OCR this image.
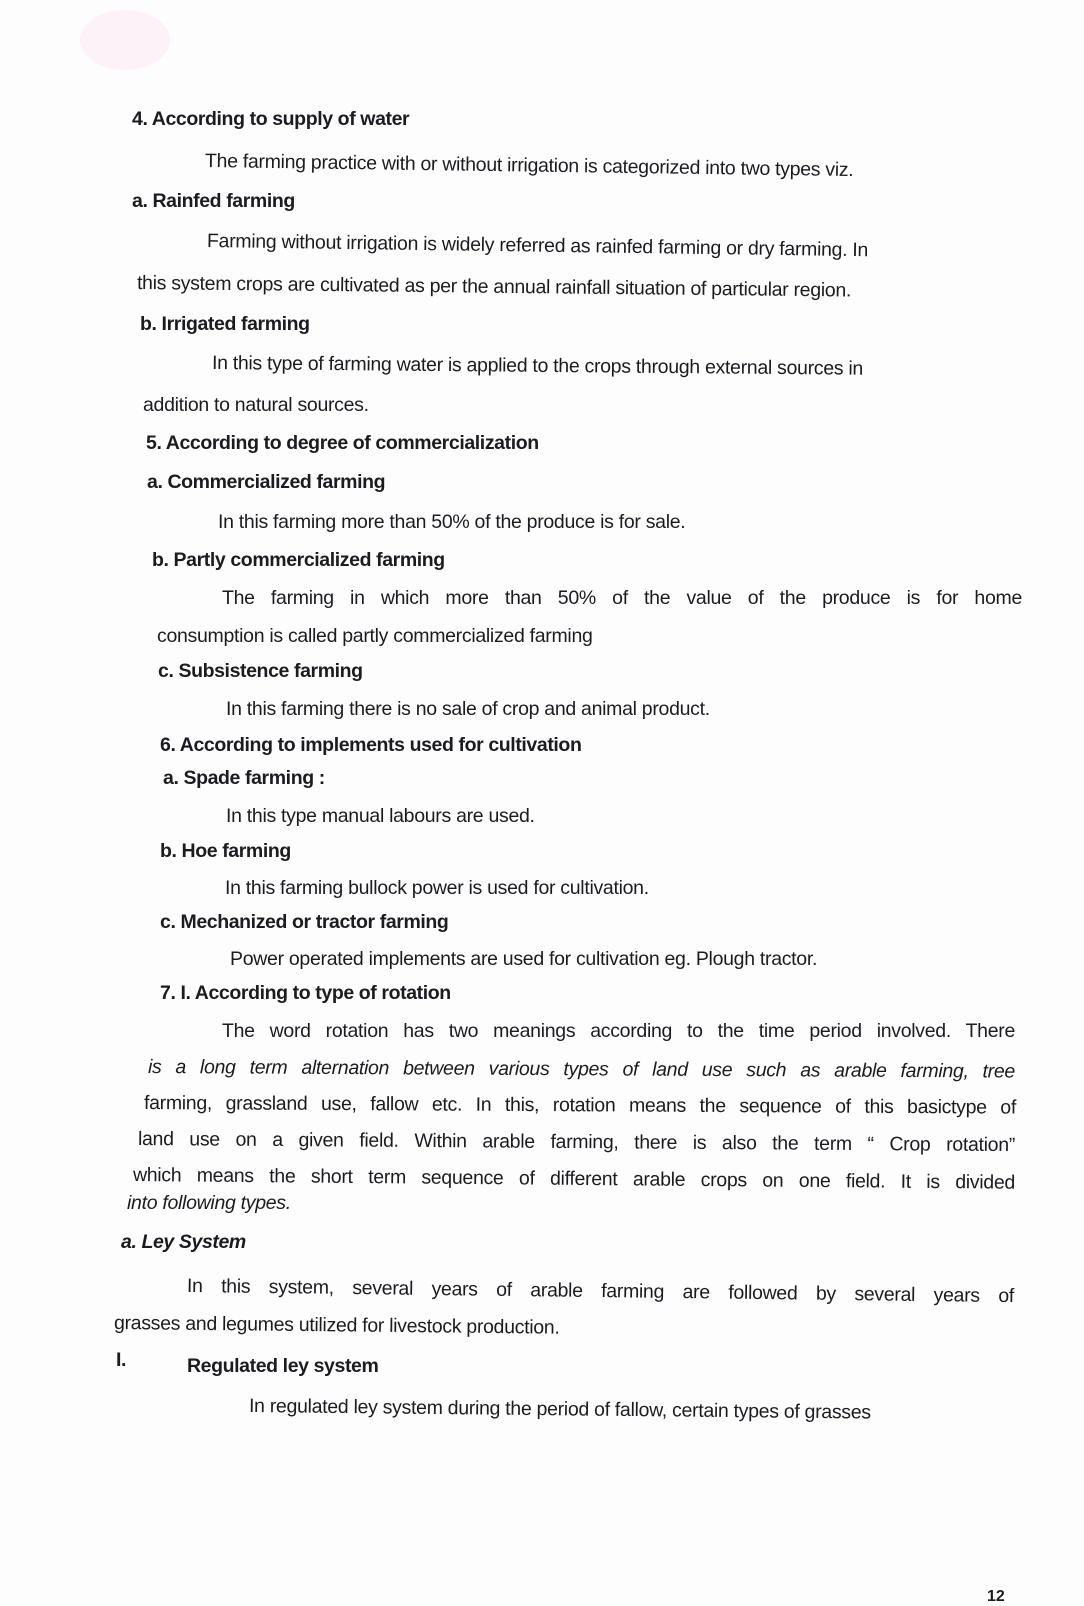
4. According to supply of water
The farming practice with or without irrigation is categorized into two types viz.
a. Rainfed farming
Farming without irrigation is widely referred as rainfed farming or dry farming. In
this system crops are cultivated as per the annual rainfall situation of particular region.
b. Irrigated farming
In this type of farming water is applied to the crops through external sources in
addition to natural sources.
5. According to degree of commercialization
a. Commercialized farming
In this farming more than 50% of the produce is for sale.
b. Partly commercialized farming
The farming in which more than 50% of the value of the produce is for home
consumption is called partly commercialized farming
c. Subsistence farming
In this farming there is no sale of crop and animal product.
6. According to implements used for cultivation
a. Spade farming :
In this type manual labours are used.
b. Hoe farming
In this farming bullock power is used for cultivation.
c. Mechanized or tractor farming
Power operated implements are used for cultivation eg. Plough tractor.
7. I. According to type of rotation
The word rotation has two meanings according to the time period involved. There
is a long term alternation between various types of land use such as arable farming, tree
farming, grassland use, fallow etc. In this, rotation means the sequence of this basictype of
land use on a given field. Within arable farming, there is also the term “ Crop rotation”
which means the short term sequence of different arable crops on one field. It is divided
into following types.
a. Ley System
In this system, several years of arable farming are followed by several years of
grasses and legumes utilized for livestock production.
I.	Regulated ley system
In regulated ley system during the period of fallow, certain types of grasses
12
